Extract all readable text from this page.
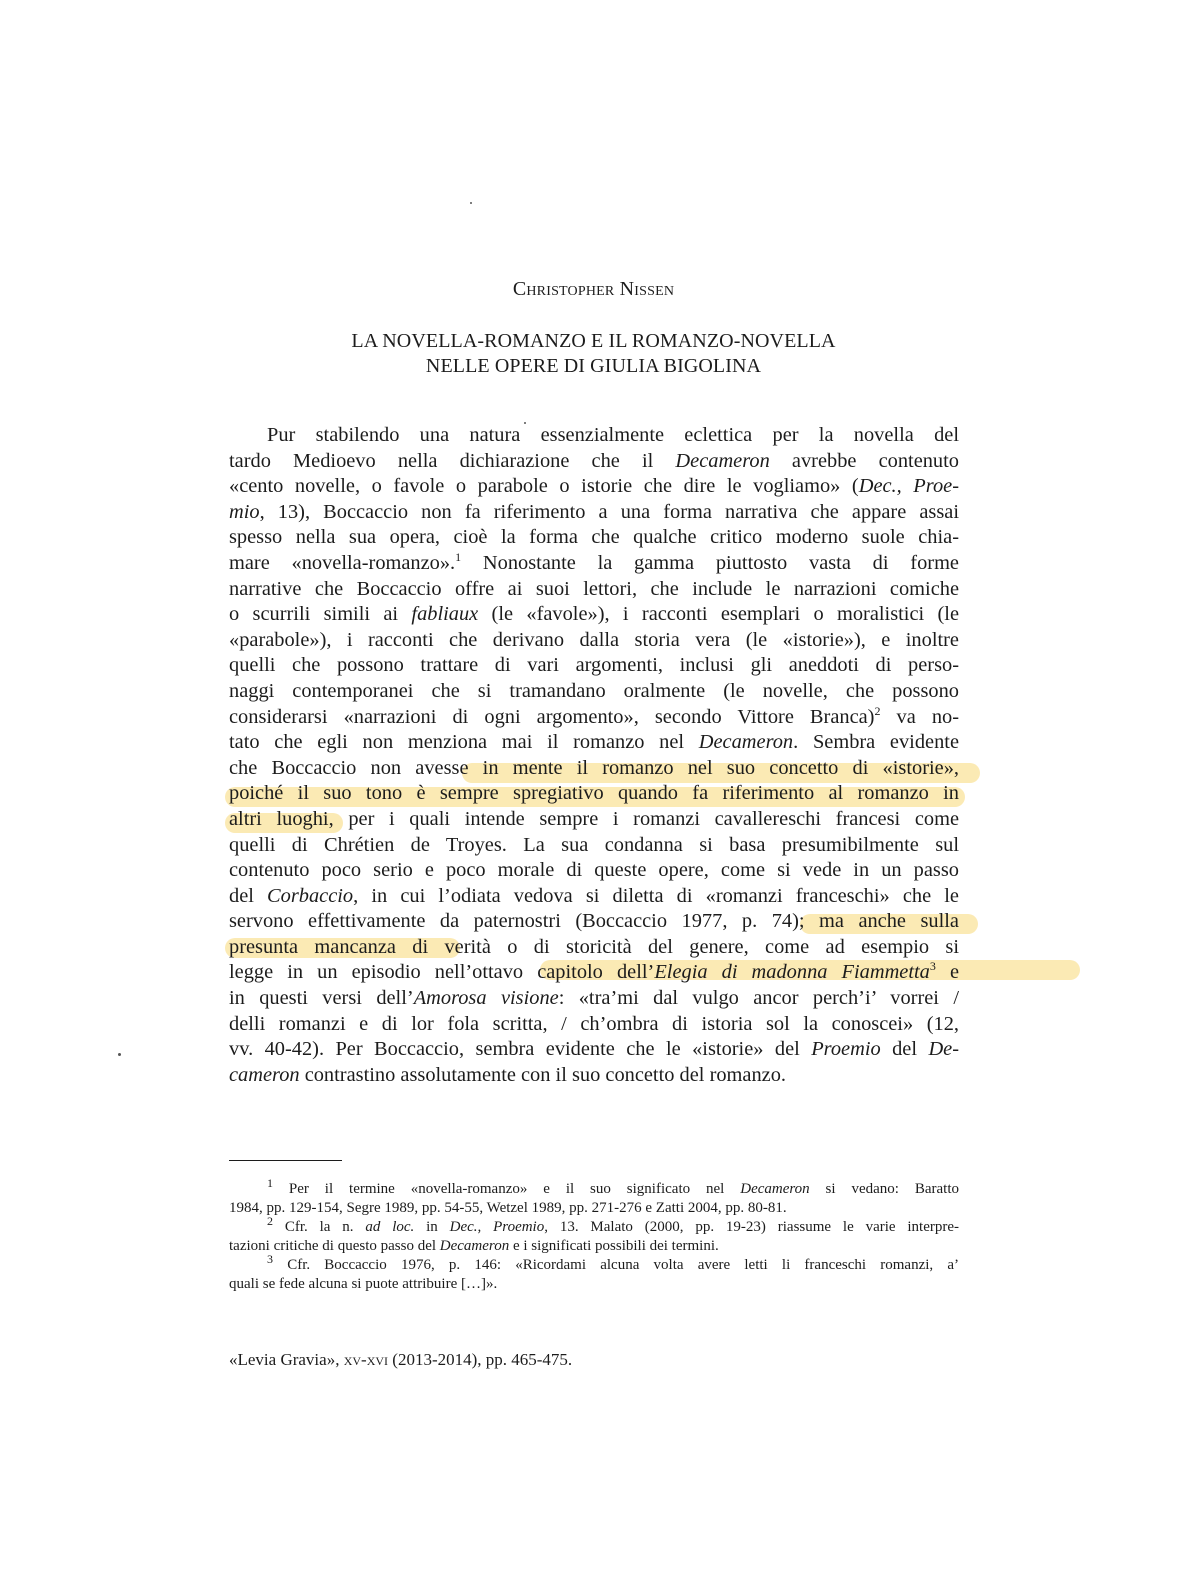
Christopher Nissen
LA NOVELLA-ROMANZO E IL ROMANZO-NOVELLA
NELLE OPERE DI GIULIA BIGOLINA
Pur stabilendo una natura essenzialmente eclettica per la novella del
tardo Medioevo nella dichiarazione che il Decameron avrebbe contenuto
«cento novelle, o favole o parabole o istorie che dire le vogliamo» (Dec., Proe-
mio, 13), Boccaccio non fa riferimento a una forma narrativa che appare assai
spesso nella sua opera, cioè la forma che qualche critico moderno suole chia-
mare «novella-romanzo».$^1$ Nonostante la gamma piuttosto vasta di forme
narrative che Boccaccio offre ai suoi lettori, che include le narrazioni comiche
o scurrili simili ai fabliaux (le «favole»), i racconti esemplari o moralistici (le
«parabole»), i racconti che derivano dalla storia vera (le «istorie»), e inoltre
quelli che possono trattare di vari argomenti, inclusi gli aneddoti di perso-
naggi contemporanei che si tramandano oralmente (le novelle, che possono
considerarsi «narrazioni di ogni argomento», secondo Vittore Branca)$^2$ va no-
tato che egli non menziona mai il romanzo nel Decameron. Sembra evidente
che Boccaccio non avesse in mente il romanzo nel suo concetto di «istorie»,
poiché il suo tono è sempre spregiativo quando fa riferimento al romanzo in
altri luoghi, per i quali intende sempre i romanzi cavallereschi francesi come
quelli di Chrétien de Troyes. La sua condanna si basa presumibilmente sul
contenuto poco serio e poco morale di queste opere, come si vede in un passo
del Corbaccio, in cui l’odiata vedova si diletta di «romanzi franceschi» che le
servono effettivamente da paternostri (Boccaccio 1977, p. 74); ma anche sulla
presunta mancanza di verità o di storicità del genere, come ad esempio si
legge in un episodio nell’ottavo capitolo dell’Elegia di madonna Fiammetta$^3$ e
in questi versi dell’Amorosa visione: «tra’mi dal vulgo ancor perch’i’ vorrei /
delli romanzi e di lor fola scritta, / ch’ombra di istoria sol la conoscei» (12,
vv. 40-42). Per Boccaccio, sembra evidente che le «istorie» del Proemio del De-
cameron contrastino assolutamente con il suo concetto del romanzo.
$^1$ Per il termine «novella-romanzo» e il suo significato nel Decameron si vedano: Baratto
1984, pp. 129-154, Segre 1989, pp. 54-55, Wetzel 1989, pp. 271-276 e Zatti 2004, pp. 80-81.
$^2$ Cfr. la n. ad loc. in Dec., Proemio, 13. Malato (2000, pp. 19-23) riassume le varie interpre-
tazioni critiche di questo passo del Decameron e i significati possibili dei termini.
$^3$ Cfr. Boccaccio 1976, p. 146: «Ricordami alcuna volta avere letti li franceschi romanzi, a’
quali se fede alcuna si puote attribuire […]».
«Levia Gravia», xv-xvi (2013-2014), pp. 465-475.
